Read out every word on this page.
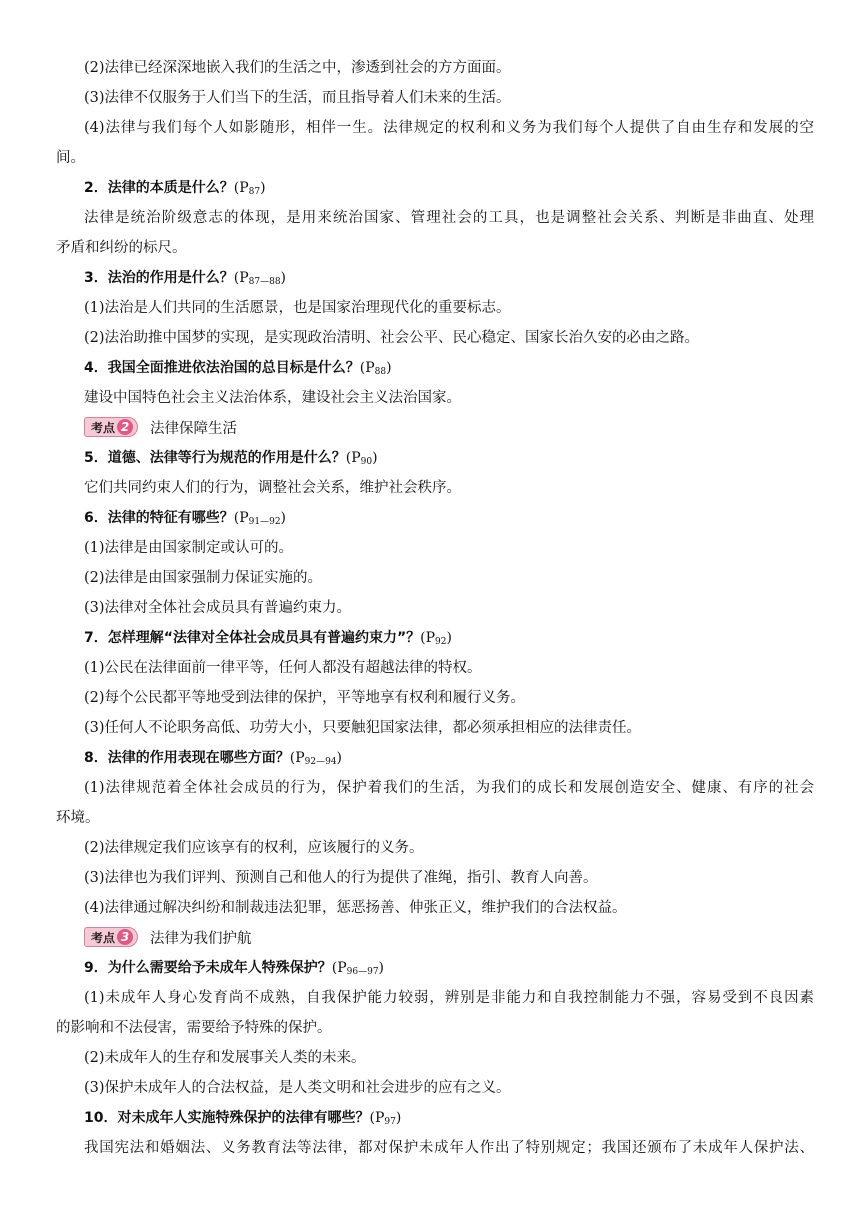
(2)法律已经深深地嵌入我们的生活之中，渗透到社会的方方面面。
(3)法律不仅服务于人们当下的生活，而且指导着人们未来的生活。
(4)法律与我们每个人如影随形，相伴一生。法律规定的权利和义务为我们每个人提供了自由生存和发展的空
间。
2．法律的本质是什么？$(P_{87})$
法律是统治阶级意志的体现，是用来统治国家、管理社会的工具，也是调整社会关系、判断是非曲直、处理
矛盾和纠纷的标尺。
3．法治的作用是什么？$(P_{87—88})$
(1)法治是人们共同的生活愿景，也是国家治理现代化的重要标志。
(2)法治助推中国梦的实现，是实现政治清明、社会公平、民心稳定、国家长治久安的必由之路。
4．我国全面推进依法治国的总目标是什么？$(P_{88})$
建设中国特色社会主义法治体系，建设社会主义法治国家。
考点 2 法律保障生活
5．道德、法律等行为规范的作用是什么？$(P_{90})$
它们共同约束人们的行为，调整社会关系，维护社会秩序。
6．法律的特征有哪些？$(P_{91—92})$
(1)法律是由国家制定或认可的。
(2)法律是由国家强制力保证实施的。
(3)法律对全体社会成员具有普遍约束力。
7．怎样理解“法律对全体社会成员具有普遍约束力”？$(P_{92})$
(1)公民在法律面前一律平等，任何人都没有超越法律的特权。
(2)每个公民都平等地受到法律的保护，平等地享有权利和履行义务。
(3)任何人不论职务高低、功劳大小，只要触犯国家法律，都必须承担相应的法律责任。
8．法律的作用表现在哪些方面？$(P_{92—94})$
(1)法律规范着全体社会成员的行为，保护着我们的生活，为我们的成长和发展创造安全、健康、有序的社会
环境。
(2)法律规定我们应该享有的权利，应该履行的义务。
(3)法律也为我们评判、预测自己和他人的行为提供了准绳，指引、教育人向善。
(4)法律通过解决纠纷和制裁违法犯罪，惩恶扬善、伸张正义，维护我们的合法权益。
考点 3 法律为我们护航
9．为什么需要给予未成年人特殊保护？$(P_{96—97})$
(1)未成年人身心发育尚不成熟，自我保护能力较弱，辨别是非能力和自我控制能力不强，容易受到不良因素
的影响和不法侵害，需要给予特殊的保护。
(2)未成年人的生存和发展事关人类的未来。
(3)保护未成年人的合法权益，是人类文明和社会进步的应有之义。
10．对未成年人实施特殊保护的法律有哪些？$(P_{97})$
我国宪法和婚姻法、义务教育法等法律，都对保护未成年人作出了特别规定；我国还颁布了未成年人保护法、
